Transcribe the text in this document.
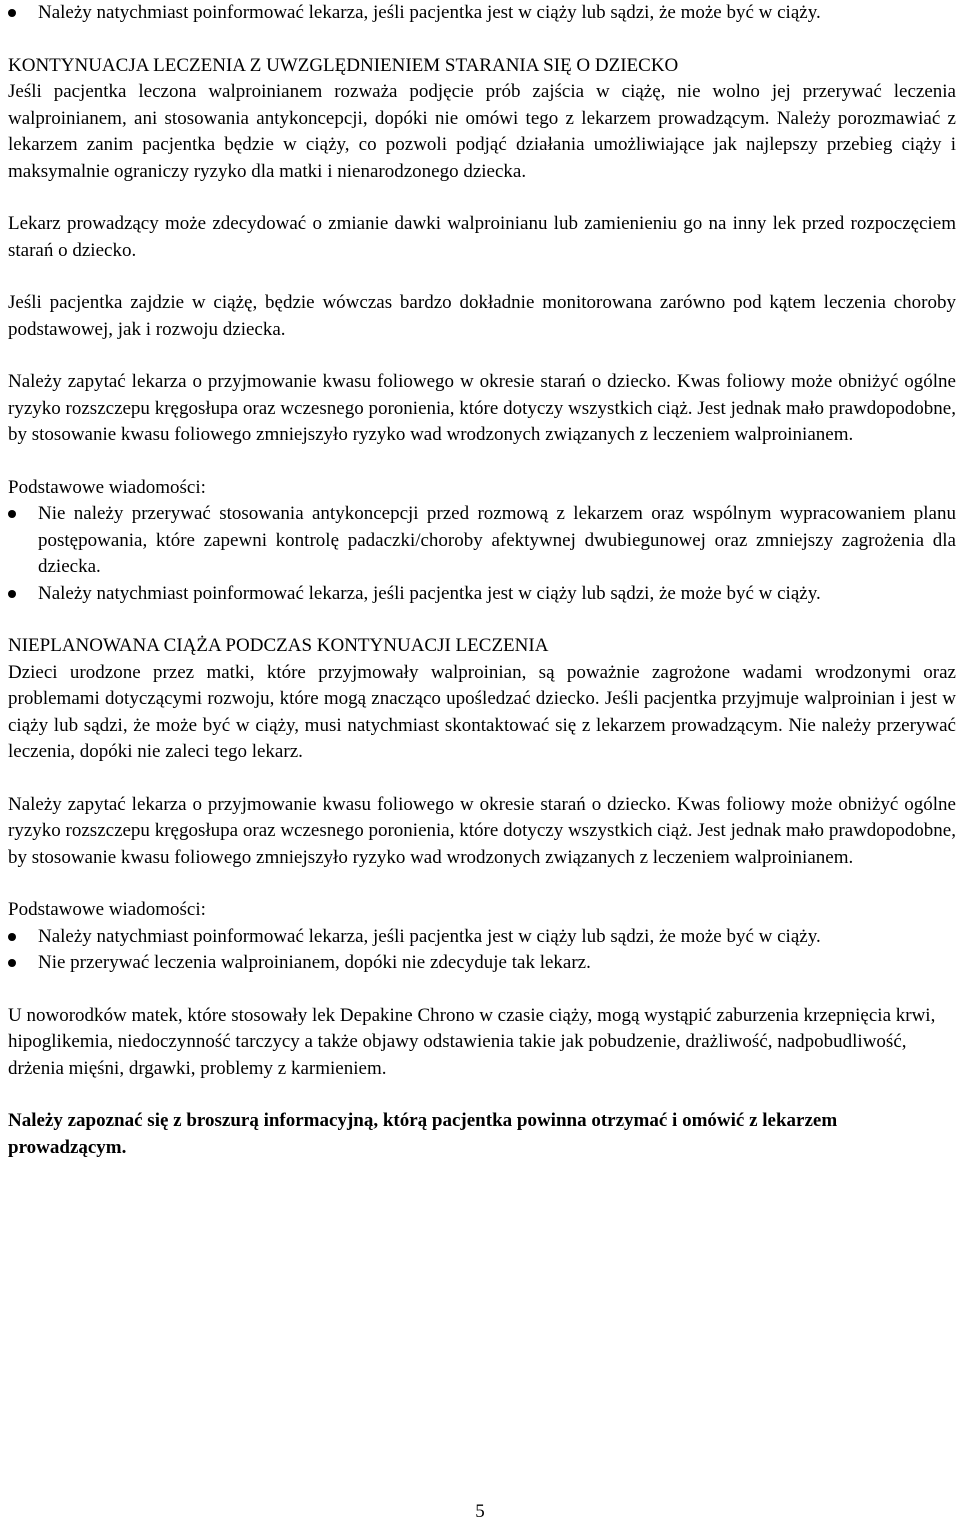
Należy natychmiast poinformować lekarza, jeśli pacjentka jest w ciąży lub sądzi, że może być w ciąży.

KONTYNUACJA LECZENIA Z UWZGLĘDNIENIEM STARANIA SIĘ O DZIECKO

Jeśli pacjentka leczona walproinianem rozważa podjęcie prób zajścia w ciążę, nie wolno jej przerywać leczenia walproinianem, ani stosowania antykoncepcji, dopóki nie omówi tego z lekarzem prowadzącym. Należy porozmawiać z lekarzem zanim pacjentka będzie w ciąży, co pozwoli podjąć działania umożliwiające jak najlepszy przebieg ciąży i maksymalnie ograniczy ryzyko dla matki i nienarodzonego dziecka.

Lekarz prowadzący może zdecydować o zmianie dawki walproinianu lub zamienieniu go na inny lek przed rozpoczęciem starań o dziecko.

Jeśli pacjentka zajdzie w ciążę, będzie wówczas bardzo dokładnie monitorowana zarówno pod kątem leczenia choroby podstawowej, jak i rozwoju dziecka.

Należy zapytać lekarza o przyjmowanie kwasu foliowego w okresie starań o dziecko. Kwas foliowy może obniżyć ogólne ryzyko rozszczepu kręgosłupa oraz wczesnego poronienia, które dotyczy wszystkich ciąż. Jest jednak mało prawdopodobne, by stosowanie kwasu foliowego zmniejszyło ryzyko wad wrodzonych związanych z leczeniem walproinianem.

Podstawowe wiadomości:

Nie należy przerywać stosowania antykoncepcji przed rozmową z lekarzem oraz wspólnym wypracowaniem planu postępowania, które zapewni kontrolę padaczki/choroby afektywnej dwubiegunowej oraz zmniejszy zagrożenia dla dziecka.
Należy natychmiast poinformować lekarza, jeśli pacjentka jest w ciąży lub sądzi, że może być w ciąży.

NIEPLANOWANA CIĄŻA PODCZAS KONTYNUACJI LECZENIA

Dzieci urodzone przez matki, które przyjmowały walproinian, są poważnie zagrożone wadami wrodzonymi oraz problemami dotyczącymi rozwoju, które mogą znacząco upośledzać dziecko. Jeśli pacjentka przyjmuje walproinian i jest w ciąży lub sądzi, że może być w ciąży, musi natychmiast skontaktować się z lekarzem prowadzącym. Nie należy przerywać leczenia, dopóki nie zaleci tego lekarz.

Należy zapytać lekarza o przyjmowanie kwasu foliowego w okresie starań o dziecko. Kwas foliowy może obniżyć ogólne ryzyko rozszczepu kręgosłupa oraz wczesnego poronienia, które dotyczy wszystkich ciąż. Jest jednak mało prawdopodobne, by stosowanie kwasu foliowego zmniejszyło ryzyko wad wrodzonych związanych z leczeniem walproinianem.

Podstawowe wiadomości:

Należy natychmiast poinformować lekarza, jeśli pacjentka jest w ciąży lub sądzi, że może być w ciąży.
Nie przerywać leczenia walproinianem, dopóki nie zdecyduje tak lekarz.

U noworodków matek, które stosowały lek Depakine Chrono w czasie ciąży, mogą wystąpić zaburzenia krzepnięcia krwi, hipoglikemia, niedoczynność tarczycy a także objawy odstawienia takie jak pobudzenie, drażliwość, nadpobudliwość, drżenia mięśni, drgawki, problemy z karmieniem.

Należy zapoznać się z broszurą informacyjną, którą pacjentka powinna otrzymać i omówić z lekarzem prowadzącym.

5
